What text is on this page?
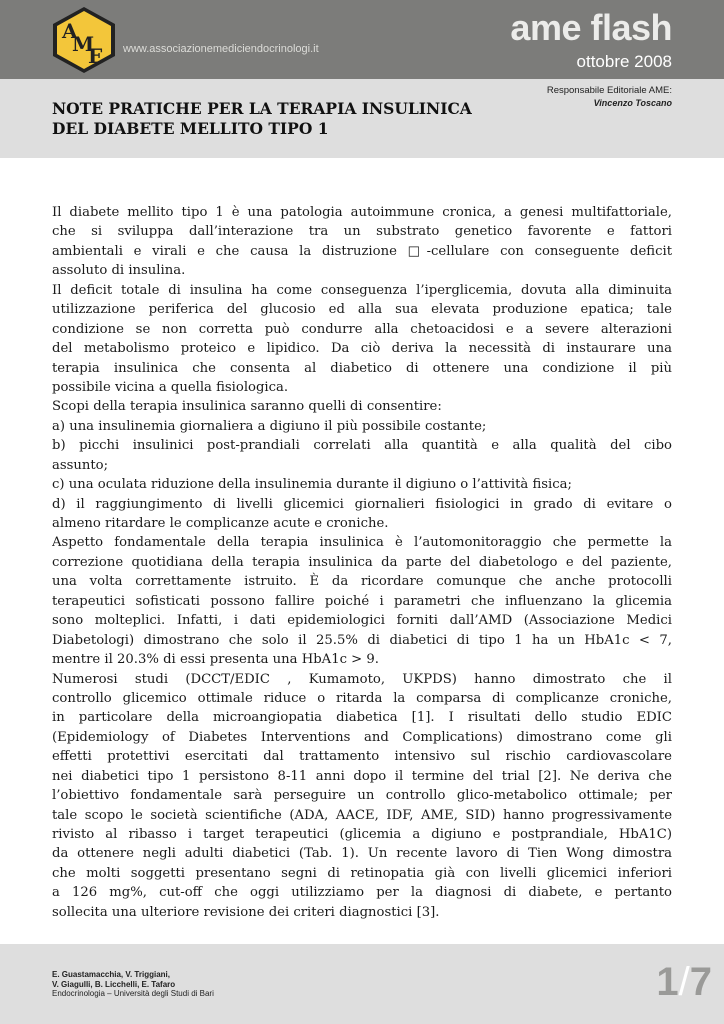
A
M
E www.associazionemediciendocrinologi.it
ame flash
ottobre 2008
Responsabile Editoriale AME:
Vincenzo Toscano
NOTE PRATICHE PER LA TERAPIA INSULINICA
DEL DIABETE MELLITO TIPO 1
Il diabete mellito tipo 1 è una patologia autoimmune cronica, a genesi multifattoriale,
che si sviluppa dall’interazione tra un substrato genetico favorente e fattori
ambientali e virali e che causa la distruzione □-cellulare con conseguente deficit
assoluto di insulina.
Il deficit totale di insulina ha come conseguenza l’iperglicemia, dovuta alla diminuita
utilizzazione periferica del glucosio ed alla sua elevata produzione epatica; tale
condizione se non corretta può condurre alla chetoacidosi e a severe alterazioni
del metabolismo proteico e lipidico. Da ciò deriva la necessità di instaurare una
terapia insulinica che consenta al diabetico di ottenere una condizione il più
possibile vicina a quella fisiologica.
Scopi della terapia insulinica saranno quelli di consentire:
a) una insulinemia giornaliera a digiuno il più possibile costante;
b) picchi insulinici post-prandiali correlati alla quantità e alla qualità del cibo
assunto;
c) una oculata riduzione della insulinemia durante il digiuno o l’attività fisica;
d) il raggiungimento di livelli glicemici giornalieri fisiologici in grado di evitare o
almeno ritardare le complicanze acute e croniche.
Aspetto fondamentale della terapia insulinica è l’automonitoraggio che permette la
correzione quotidiana della terapia insulinica da parte del diabetologo e del paziente,
una volta correttamente istruito. È da ricordare comunque che anche protocolli
terapeutici sofisticati possono fallire poiché i parametri che influenzano la glicemia
sono molteplici. Infatti, i dati epidemiologici forniti dall’AMD (Associazione Medici
Diabetologi) dimostrano che solo il 25.5% di diabetici di tipo 1 ha un HbA1c < 7,
mentre il 20.3% di essi presenta una HbA1c > 9.
Numerosi studi (DCCT/EDIC , Kumamoto, UKPDS) hanno dimostrato che il
controllo glicemico ottimale riduce o ritarda la comparsa di complicanze croniche,
in particolare della microangiopatia diabetica [1]. I risultati dello studio EDIC
(Epidemiology of Diabetes Interventions and Complications) dimostrano come gli
effetti protettivi esercitati dal trattamento intensivo sul rischio cardiovascolare
nei diabetici tipo 1 persistono 8-11 anni dopo il termine del trial [2]. Ne deriva che
l’obiettivo fondamentale sarà perseguire un controllo glico-metabolico ottimale; per
tale scopo le società scientifiche (ADA, AACE, IDF, AME, SID) hanno progressivamente
rivisto al ribasso i target terapeutici (glicemia a digiuno e postprandiale, HbA1C)
da ottenere negli adulti diabetici (Tab. 1). Un recente lavoro di Tien Wong dimostra
che molti soggetti presentano segni di retinopatia già con livelli glicemici inferiori
a 126 mg%, cut-off che oggi utilizziamo per la diagnosi di diabete, e pertanto
sollecita una ulteriore revisione dei criteri diagnostici [3].
E. Guastamacchia, V. Triggiani,
V. Giagulli, B. Licchelli, E. Tafaro
Endocrinologia – Università degli Studi di Bari	1/7
